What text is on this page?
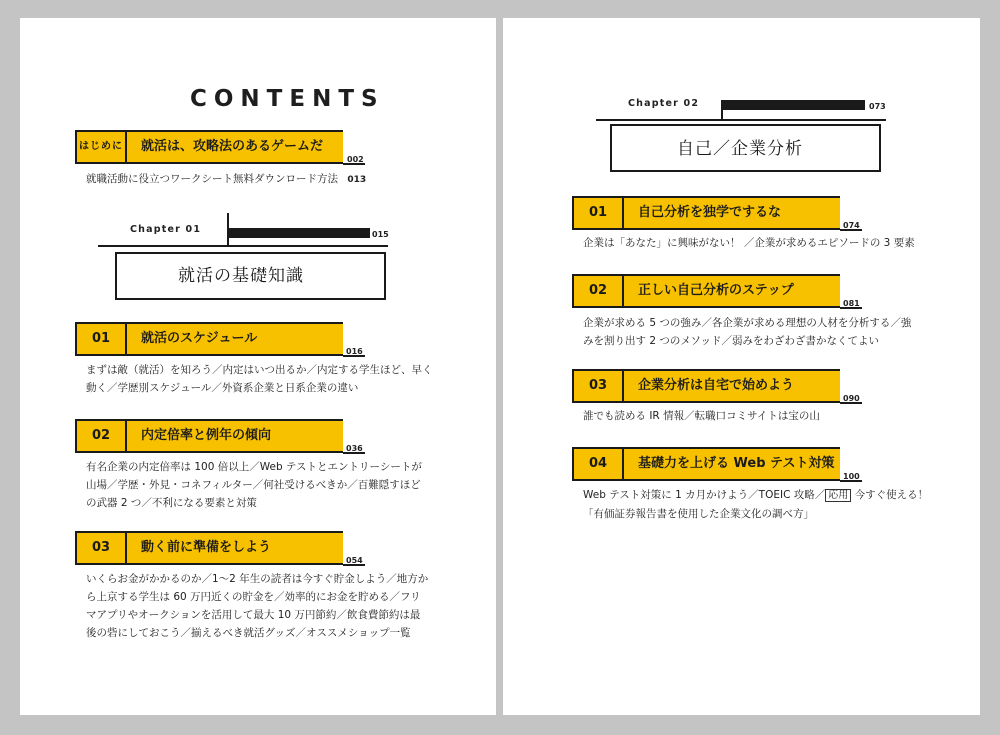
CONTENTS
はじめに	就活は、攻略法のあるゲームだ
002
就職活動に役立つワークシート無料ダウンロード方法 013
Chapter 01	015
就活の基礎知識
01	就活のスケジュール
016
まずは敵（就活）を知ろう／内定はいつ出るか／内定する学生ほど、早く
動く／学歴別スケジュール／外資系企業と日系企業の違い
02	内定倍率と例年の傾向
036
有名企業の内定倍率は 100 倍以上／Web テストとエントリーシートが
山場／学歴・外見・コネフィルター／何社受けるべきか／百難隠すほど
の武器 2 つ／不利になる要素と対策
03	動く前に準備をしよう
054
いくらお金がかかるのか／1〜2 年生の読者は今すぐ貯金しよう／地方か
ら上京する学生は 60 万円近くの貯金を／効率的にお金を貯める／フリ
マアプリやオークションを活用して最大 10 万円節約／飲食費節約は最
後の砦にしておこう／揃えるべき就活グッズ／オススメショップ一覧
Chapter 02	073
自己／企業分析
01	自己分析を独学でするな
074
企業は「あなた」に興味がない！ ／企業が求めるエピソードの 3 要素
02	正しい自己分析のステップ
081
企業が求める 5 つの強み／各企業が求める理想の人材を分析する／強
みを割り出す 2 つのメソッド／弱みをわざわざ書かなくてよい
03	企業分析は自宅で始めよう
090
誰でも読める IR 情報／転職口コミサイトは宝の山
04	基礎力を上げる Web テスト対策
100
Web テスト対策に 1 カ月かけよう／TOEIC 攻略／ 応用 今すぐ使える！
「有価証券報告書を使用した企業文化の調べ方」
